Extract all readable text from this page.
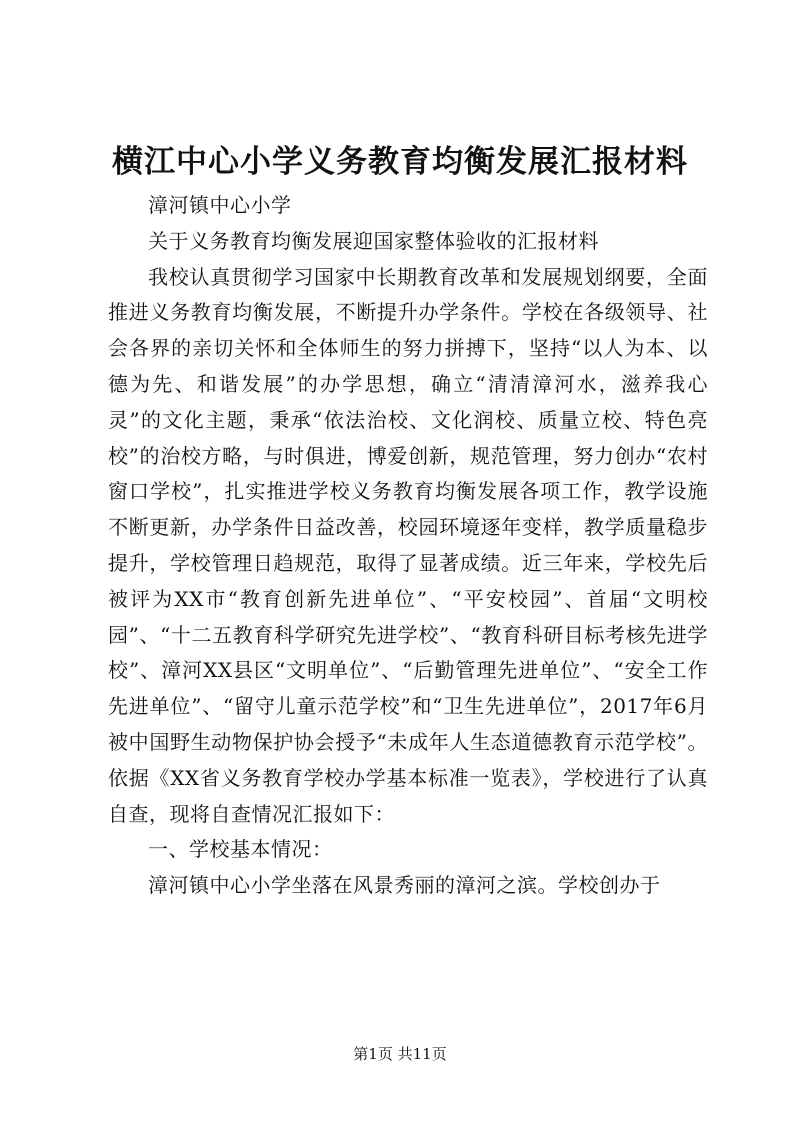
横江中心小学义务教育均衡发展汇报材料

漳河镇中心小学

关于义务教育均衡发展迎国家整体验收的汇报材料

我校认真贯彻学习国家中长期教育改革和发展规划纲要，全面推进义务教育均衡发展，不断提升办学条件。学校在各级领导、社会各界的亲切关怀和全体师生的努力拼搏下，坚持“以人为本、以德为先、和谐发展”的办学思想，确立“清清漳河水，滋养我心灵”的文化主题，秉承“依法治校、文化润校、质量立校、特色亮校”的治校方略，与时俱进，博爱创新，规范管理，努力创办“农村窗口学校”，扎实推进学校义务教育均衡发展各项工作，教学设施不断更新，办学条件日益改善，校园环境逐年变样，教学质量稳步提升，学校管理日趋规范，取得了显著成绩。近三年来，学校先后被评为XX市“教育创新先进单位”、“平安校园”、首届“文明校园”、“十二五教育科学研究先进学校”、“教育科研目标考核先进学校”、漳河XX县区“文明单位”、“后勤管理先进单位”、“安全工作先进单位”、“留守儿童示范学校”和“卫生先进单位”，2017年6月被中国野生动物保护协会授予“未成年人生态道德教育示范学校”。依据《XX省义务教育学校办学基本标准一览表》，学校进行了认真自查，现将自查情况汇报如下：

一、学校基本情况：

漳河镇中心小学坐落在风景秀丽的漳河之滨。学校创办于

第1页 共11页
